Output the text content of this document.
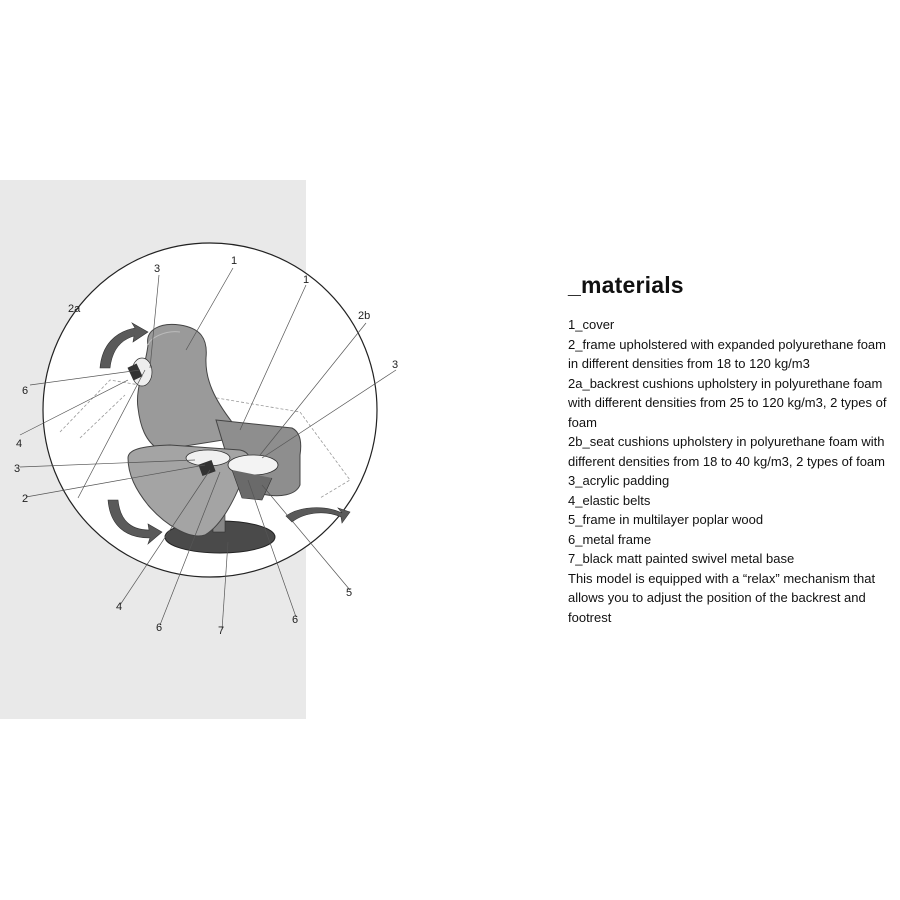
1
1
3
2a
2b
3
6
4
3
2
5
4
6	7
6
_materials
1_cover
2_frame upholstered with expanded polyurethane foam in different densities from 18 to 120 kg/m3
2a_backrest cushions upholstery in polyurethane foam with different densities from 25 to 120 kg/m3, 2 types of foam
2b_seat cushions upholstery in polyurethane foam with different densities from 18 to 40 kg/m3, 2 types of foam
3_acrylic padding
4_elastic belts
5_frame in multilayer poplar wood
6_metal frame
7_black matt painted swivel metal base

This model is equipped with a “relax” mechanism that allows you to adjust the position of the backrest and footrest
